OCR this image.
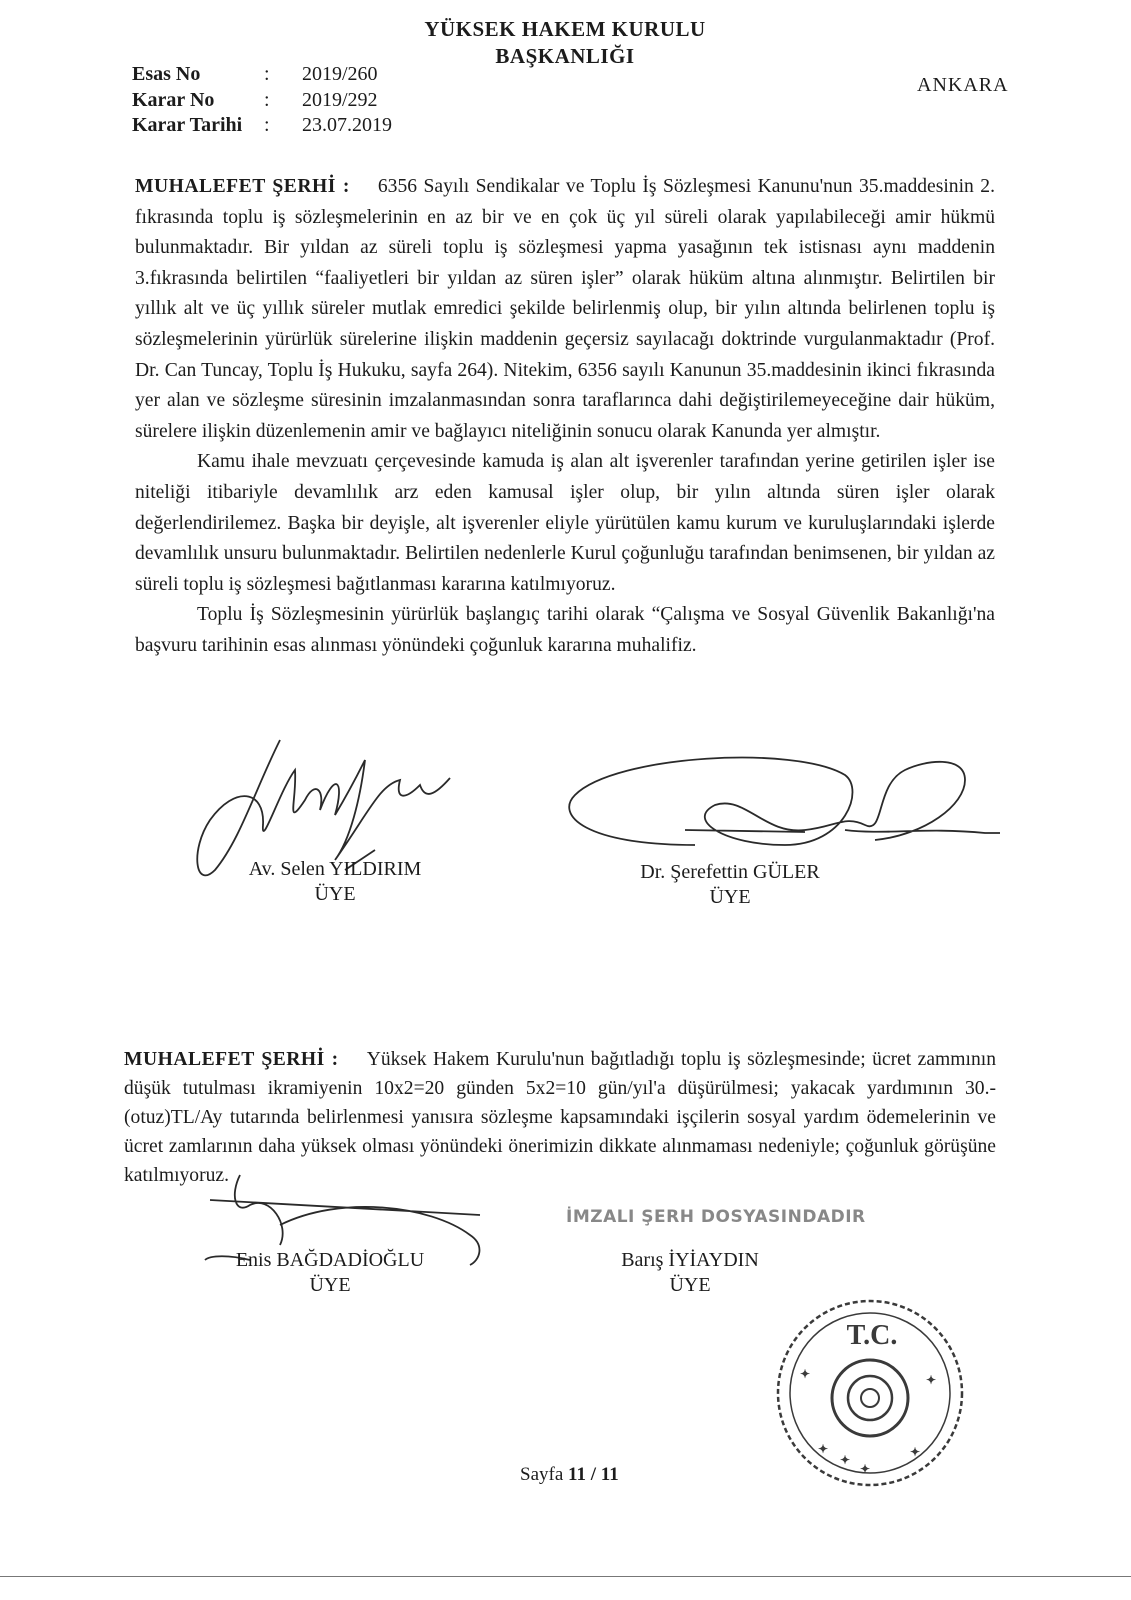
YÜKSEK HAKEM KURULU
BAŞKANLIĞI
ANKARA
Esas No	:	2019/260
Karar No	:	2019/292
Karar Tarihi	:	23.07.2019

MUHALEFET ŞERHİ : 6356 Sayılı Sendikalar ve Toplu İş Sözleşmesi Kanunu'nun 35.maddesinin 2. fıkrasında toplu iş sözleşmelerinin en az bir ve en çok üç yıl süreli olarak yapılabileceği amir hükmü bulunmaktadır. Bir yıldan az süreli toplu iş sözleşmesi yapma yasağının tek istisnası aynı maddenin 3.fıkrasında belirtilen “faaliyetleri bir yıldan az süren işler” olarak hüküm altına alınmıştır. Belirtilen bir yıllık alt ve üç yıllık süreler mutlak emredici şekilde belirlenmiş olup, bir yılın altında belirlenen toplu iş sözleşmelerinin yürürlük sürelerine ilişkin maddenin geçersiz sayılacağı doktrinde vurgulanmaktadır (Prof. Dr. Can Tuncay, Toplu İş Hukuku, sayfa 264). Nitekim, 6356 sayılı Kanunun 35.maddesinin ikinci fıkrasında yer alan ve sözleşme süresinin imzalanmasından sonra taraflarınca dahi değiştirilemeyeceğine dair hüküm, sürelere ilişkin düzenlemenin amir ve bağlayıcı niteliğinin sonucu olarak Kanunda yer almıştır.

Kamu ihale mevzuatı çerçevesinde kamuda iş alan alt işverenler tarafından yerine getirilen işler ise niteliği itibariyle devamlılık arz eden kamusal işler olup, bir yılın altında süren işler olarak değerlendirilemez. Başka bir deyişle, alt işverenler eliyle yürütülen kamu kurum ve kuruluşlarındaki işlerde devamlılık unsuru bulunmaktadır. Belirtilen nedenlerle Kurul çoğunluğu tarafından benimsenen, bir yıldan az süreli toplu iş sözleşmesi bağıtlanması kararına katılmıyoruz.

Toplu İş Sözleşmesinin yürürlük başlangıç tarihi olarak “Çalışma ve Sosyal Güvenlik Bakanlığı'na başvuru tarihinin esas alınması yönündeki çoğunluk kararına muhalifiz.

Av. Selen YILDIRIM
ÜYE
Dr. Şerefettin GÜLER
ÜYE

MUHALEFET ŞERHİ : Yüksek Hakem Kurulu'nun bağıtladığı toplu iş sözleşmesinde; ücret zammının düşük tutulması ikramiyenin 10x2=20 günden 5x2=10 gün/yıl'a düşürülmesi; yakacak yardımının 30.-(otuz)TL/Ay tutarında belirlenmesi yanısıra sözleşme kapsamındaki işçilerin sosyal yardım ödemelerinin ve ücret zamlarının daha yüksek olması yönündeki önerimizin dikkate alınmaması nedeniyle; çoğunluk görüşüne katılmıyoruz.

Enis BAĞDADİOĞLU
ÜYE
İMZALI ŞERH DOSYASINDADIR
Barış İYİAYDIN
ÜYE
T.C.
✦	✦
✦	✦
✦
✦
Sayfa 11 / 11
